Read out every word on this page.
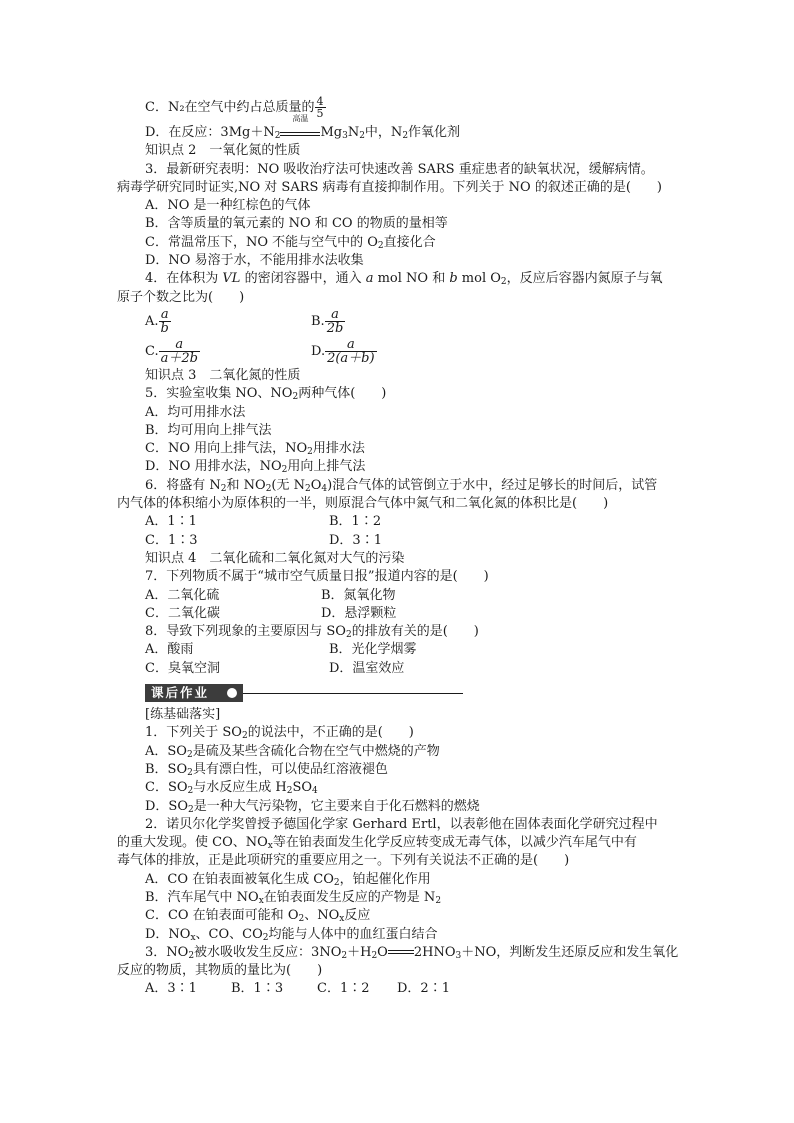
C．N₂在空气中约占总质量的 $\frac{4}{5}$
D．在反应：$3Mg+N_2$
高温
$Mg_3N_2$中，$N_2$作氧化剂
知识点 2　一氧化氮的性质
3．最新研究表明：NO 吸收治疗法可快速改善 SARS 重症患者的缺氧状况，缓解病情。
病毒学研究同时证实,NO 对 SARS 病毒有直接抑制作用。下列关于 NO 的叙述正确的是(　　)
A．NO 是一种红棕色的气体
B．含等质量的氧元素的 NO 和 CO 的物质的量相等
C．常温常压下，NO 不能与空气中的 $O_2$直接化合
D．NO 易溶于水，不能用排水法收集
4．在体积为 VL 的密闭容器中，通入 a mol NO 和 b mol $O_2$，反应后容器内氮原子与氧
原子个数之比为(　　)
A. $\frac{a}{b}$	B. $\frac{a}{2b}$
C. $\frac{a}{a+2b}$	D. $\frac{a}{2(a+b)}$
知识点 3　二氧化氮的性质
5．实验室收集 NO、$NO_2$两种气体(　　)
A．均可用排水法
B．均可用向上排气法
C．NO 用向上排气法，$NO_2$用排水法
D．NO 用排水法，$NO_2$用向上排气法
6．将盛有 $N_2$和 $NO_2$(无 $N_2O_4$)混合气体的试管倒立于水中，经过足够长的时间后，试管
内气体的体积缩小为原体积的一半，则原混合气体中氮气和二氧化氮的体积比是(　　)
A．1∶1	B．1∶2
C．1∶3	D．3∶1
知识点 4　二氧化硫和二氧化氮对大气的污染
7．下列物质不属于“城市空气质量日报”报道内容的是(　　)
A．二氧化硫	B．氮氧化物
C．二氧化碳	D．悬浮颗粒
8．导致下列现象的主要原因与 $SO_2$的排放有关的是(　　)
A．酸雨	B．光化学烟雾
C．臭氧空洞	D．温室效应
课后作业
[练基础落实]
1．下列关于 $SO_2$的说法中，不正确的是(　　)
A．$SO_2$是硫及某些含硫化合物在空气中燃烧的产物
B．$SO_2$具有漂白性，可以使品红溶液褪色
C．$SO_2$与水反应生成 $H_2SO_4$
D．$SO_2$是一种大气污染物，它主要来自于化石燃料的燃烧
2．诺贝尔化学奖曾授予德国化学家 Gerhard Ertl，以表彰他在固体表面化学研究过程中
的重大发现。使 CO、$NO_x$等在铂表面发生化学反应转变成无毒气体，以减少汽车尾气中有
毒气体的排放，正是此项研究的重要应用之一。下列有关说法不正确的是(　　)
A．CO 在铂表面被氧化生成 $CO_2$，铂起催化作用
B．汽车尾气中 $NO_x$在铂表面发生反应的产物是 $N_2$
C．CO 在铂表面可能和 $O_2$、$NO_x$反应
D．$NO_x$、CO、$CO_2$均能与人体中的血红蛋白结合
3．$NO_2$被水吸收发生反应：$3NO_2+H_2O$ $2HNO_3+NO$，判断发生还原反应和发生氧化
反应的物质，其物质的量比为(　　)
A．3∶1	B．1∶3	C．1∶2 D．2∶1
